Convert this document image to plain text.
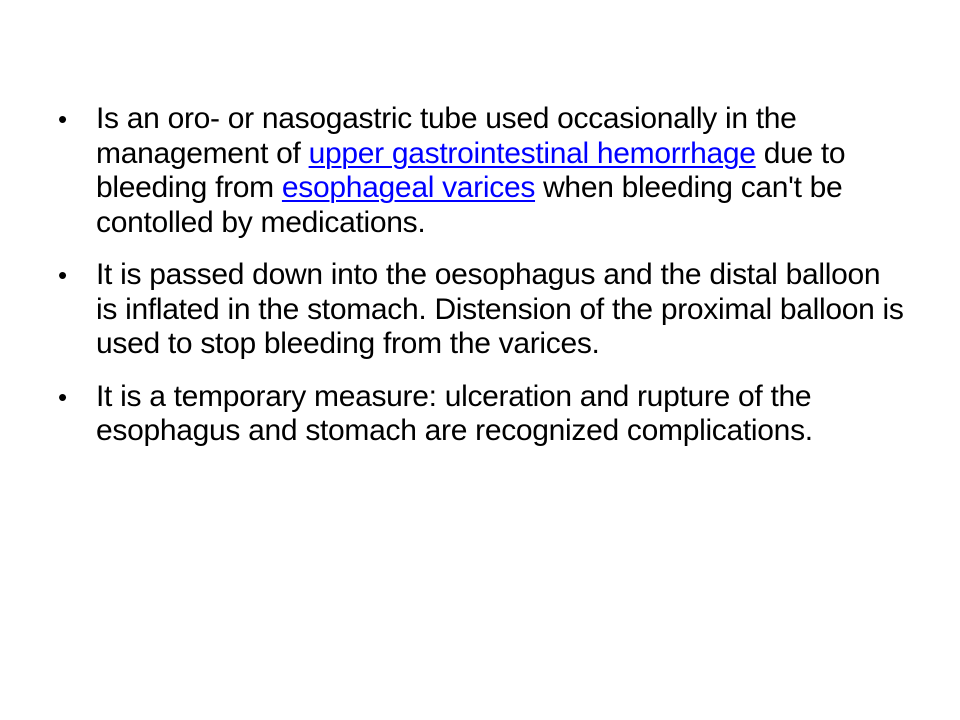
• Is an oro- or nasogastric tube used occasionally in the management of upper gastrointestinal hemorrhage due to bleeding from esophageal varices when bleeding can't be contolled by medications.
• It is passed down into the oesophagus and the distal balloon is inflated in the stomach. Distension of the proximal balloon is used to stop bleeding from the varices.
• It is a temporary measure: ulceration and rupture of the esophagus and stomach are recognized complications.
